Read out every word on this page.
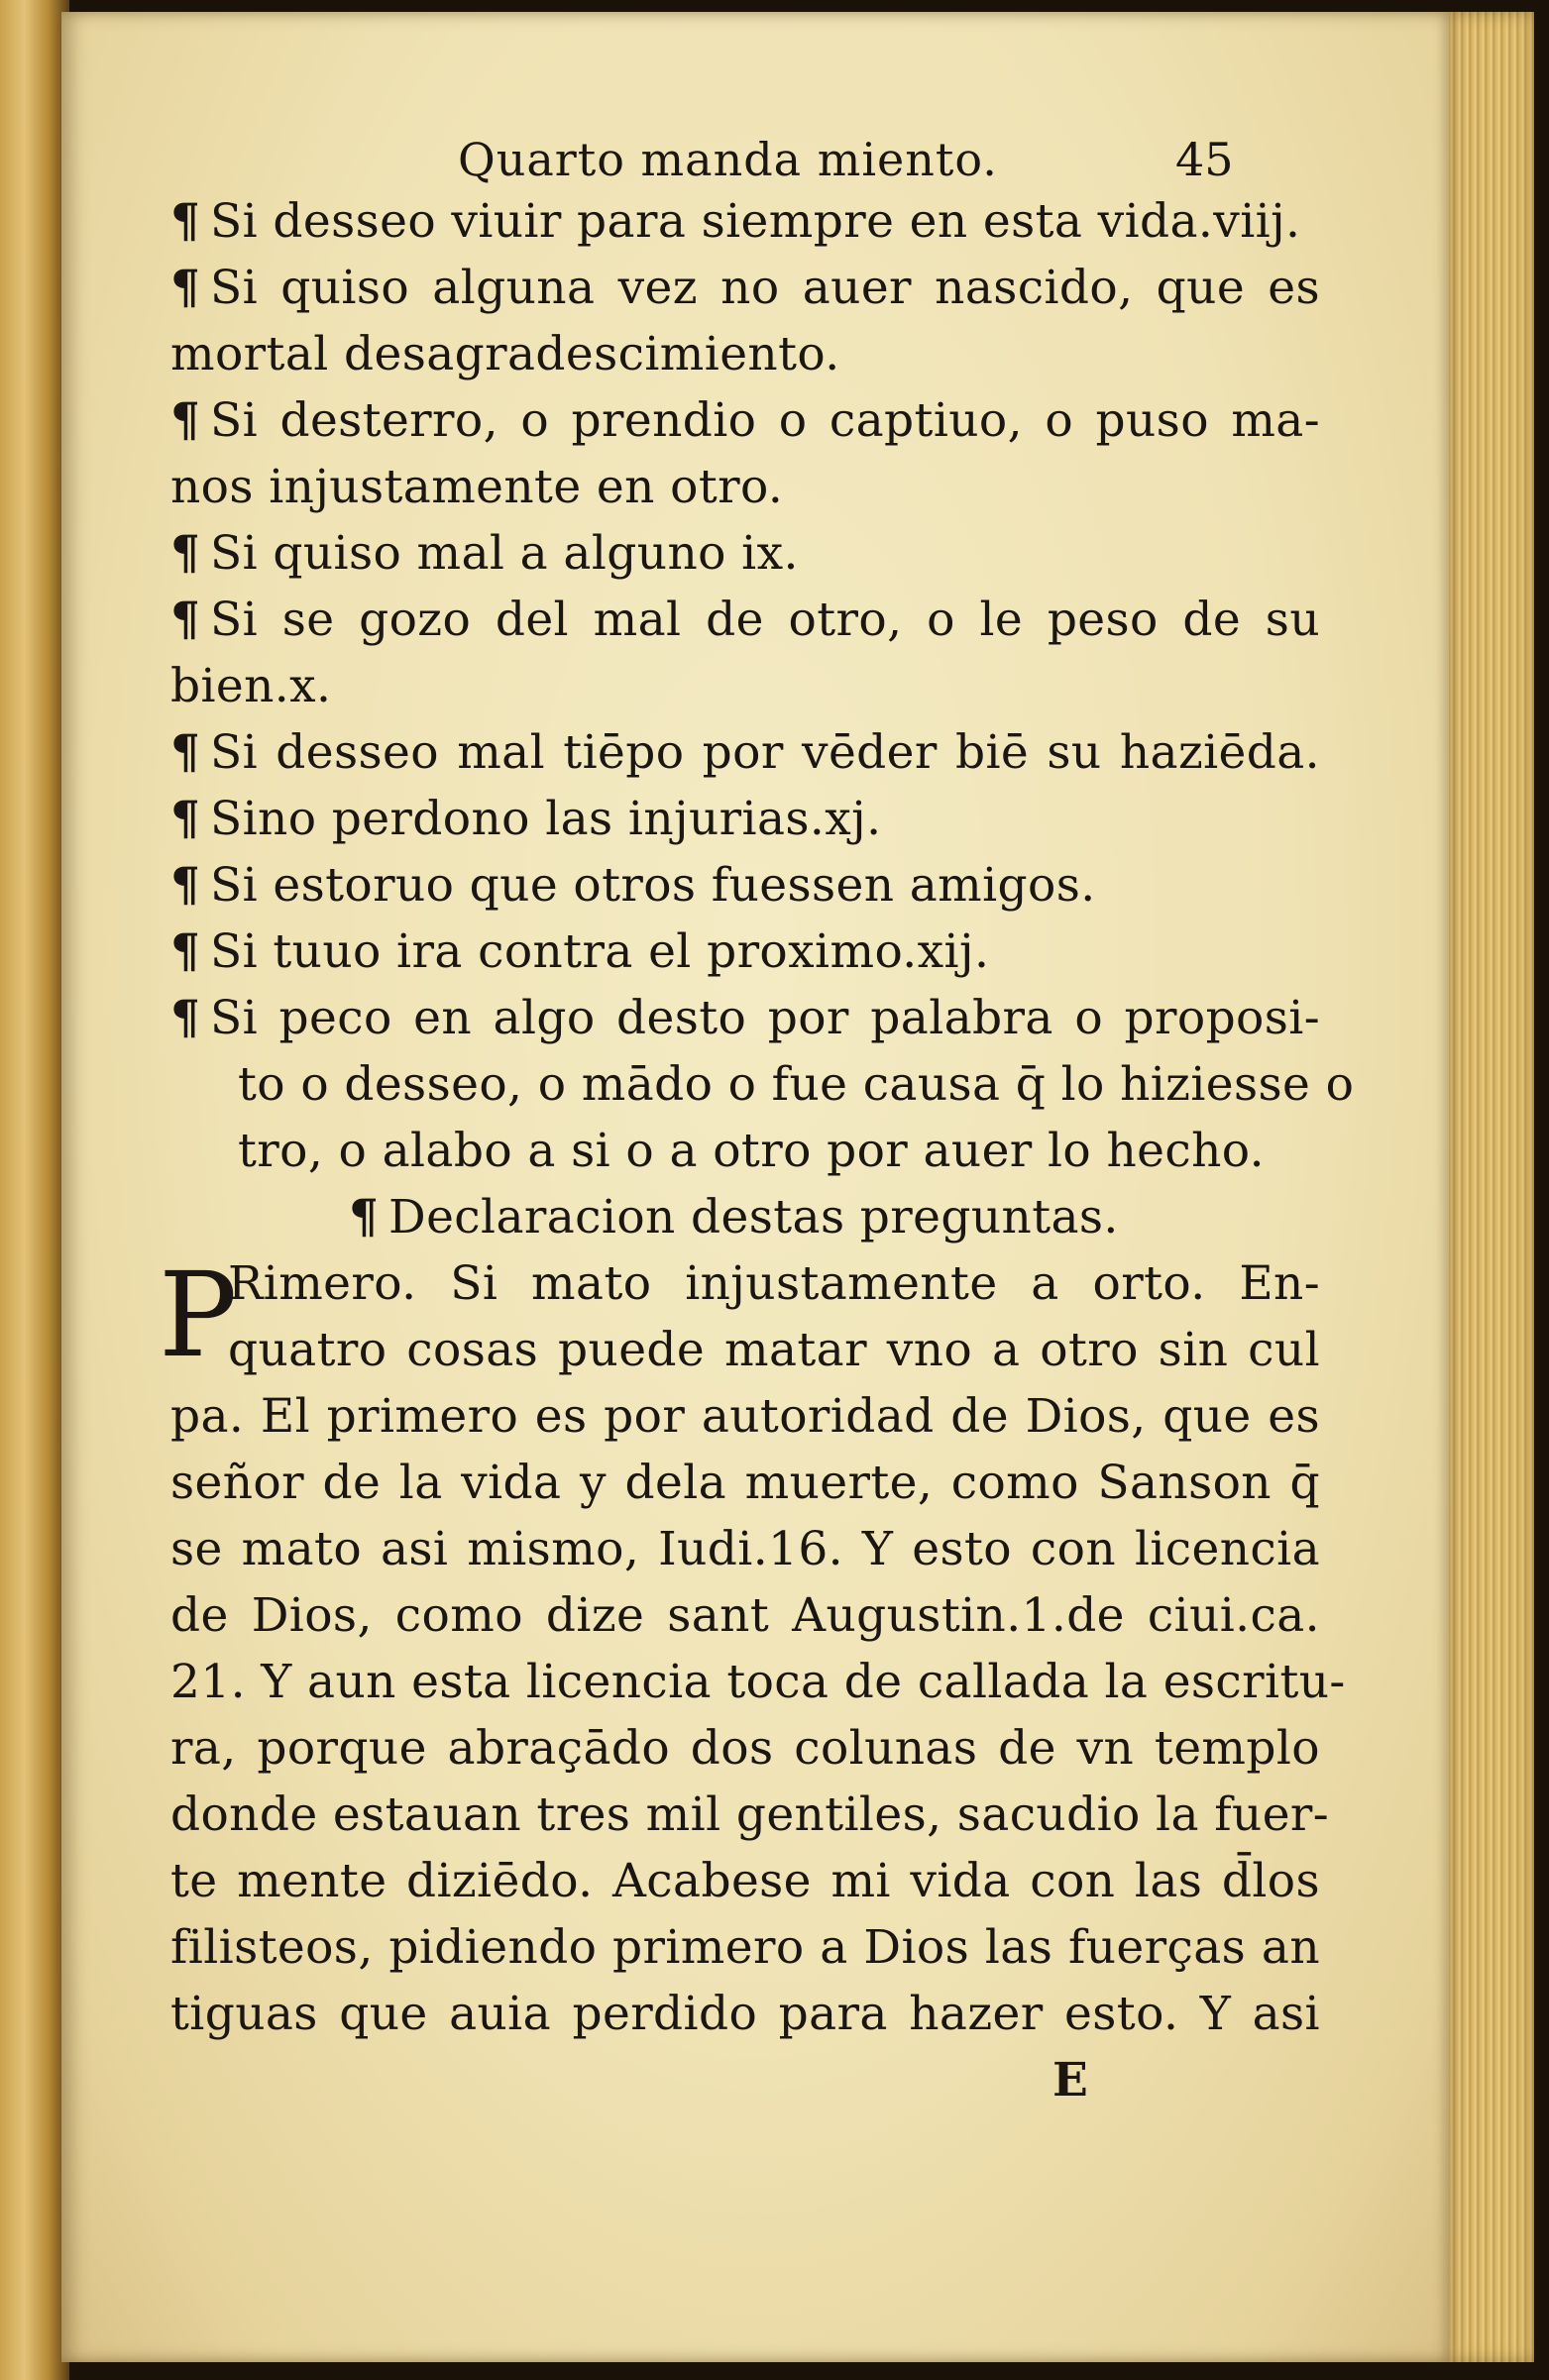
Quarto manda miento.	45
¶ Si desseo viuir para siempre en esta vida.viij.
¶ Si quiso alguna vez no auer nascido, que es
mortal desagradescimiento.
¶ Si desterro, o prendio o captiuo, o puso ma-
nos injustamente en otro.
¶ Si quiso mal a alguno ix.
¶ Si se gozo del mal de otro, o le peso de su
bien.x.
¶ Si desseo mal tiēpo por vēder biē su haziēda.
¶ Sino perdono las injurias.xj.
¶ Si estoruo que otros fuessen amigos.
¶ Si tuuo ira contra el proximo.xij.
¶ Si peco en algo desto por palabra o proposi-
to o desseo, o mādo o fue causa q̄ lo hiziesse o
tro, o alabo a si o a otro por auer lo hecho.
¶ Declaracion destas preguntas.
P
Rimero. Si mato injustamente a orto. En-
quatro cosas puede matar vno a otro sin cul
pa. El primero es por autoridad de Dios, que es
señor de la vida y dela muerte, como Sanson q̄
se mato asi mismo, Iudi.16. Y esto con licencia
de Dios, como dize sant Augustin.1.de ciui.ca.
21. Y aun esta licencia toca de callada la escritu-
ra, porque abraçādo dos colunas de vn templo
donde estauan tres mil gentiles, sacudio la fuer-
te mente diziēdo. Acabese mi vida con las d̄los
filisteos, pidiendo primero a Dios las fuerças an
tiguas que auia perdido para hazer esto. Y asi
E
